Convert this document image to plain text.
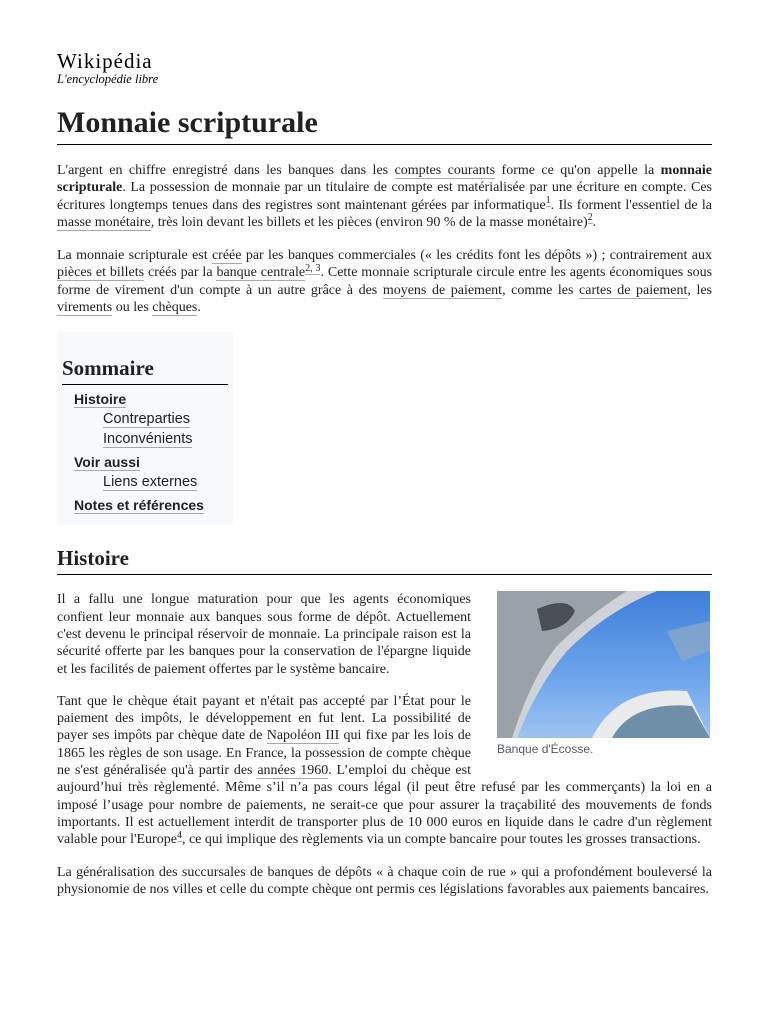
Wikipédia
L'encyclopédie libre
Monnaie scripturale

L'argent en chiffre enregistré dans les banques dans les comptes courants forme ce qu'on appelle la monnaie scripturale. La possession de monnaie par un titulaire de compte est matérialisée par une écriture en compte. Ces écritures longtemps tenues dans des registres sont maintenant gérées par informatique$^1$. Ils forment l'essentiel de la masse monétaire, très loin devant les billets et les pièces (environ 90 % de la masse monétaire)$^2$.

La monnaie scripturale est créée par les banques commerciales (« les crédits font les dépôts ») ; contrairement aux pièces et billets créés par la banque centrale$^{2, 3}$. Cette monnaie scripturale circule entre les agents économiques sous forme de virement d'un compte à un autre grâce à des moyens de paiement, comme les cartes de paiement, les virements ou les chèques.

Sommaire
Histoire
Contreparties
Inconvénients
Voir aussi
Liens externes
Notes et références
Histoire
Banque d'Écosse.

Il a fallu une longue maturation pour que les agents économiques confient leur monnaie aux banques sous forme de dépôt. Actuellement c'est devenu le principal réservoir de monnaie. La principale raison est la sécurité offerte par les banques pour la conservation de l'épargne liquide et les facilités de paiement offertes par le système bancaire.

Tant que le chèque était payant et n'était pas accepté par l’État pour le paiement des impôts, le développement en fut lent. La possibilité de payer ses impôts par chèque date de Napoléon III qui fixe par les lois de 1865 les règles de son usage. En France, la possession de compte chèque ne s'est généralisée qu'à partir des années 1960. L’emploi du chèque est aujourd’hui très règlementé. Même s’il n’a pas cours légal (il peut être refusé par les commerçants) la loi en a imposé l’usage pour nombre de paiements, ne serait-ce que pour assurer la traçabilité des mouvements de fonds importants. Il est actuellement interdit de transporter plus de 10 000 euros en liquide dans le cadre d'un règlement valable pour l'Europe$^4$, ce qui implique des règlements via un compte bancaire pour toutes les grosses transactions.

La généralisation des succursales de banques de dépôts « à chaque coin de rue » qui a profondément bouleversé la physionomie de nos villes et celle du compte chèque ont permis ces législations favorables aux paiements bancaires.
